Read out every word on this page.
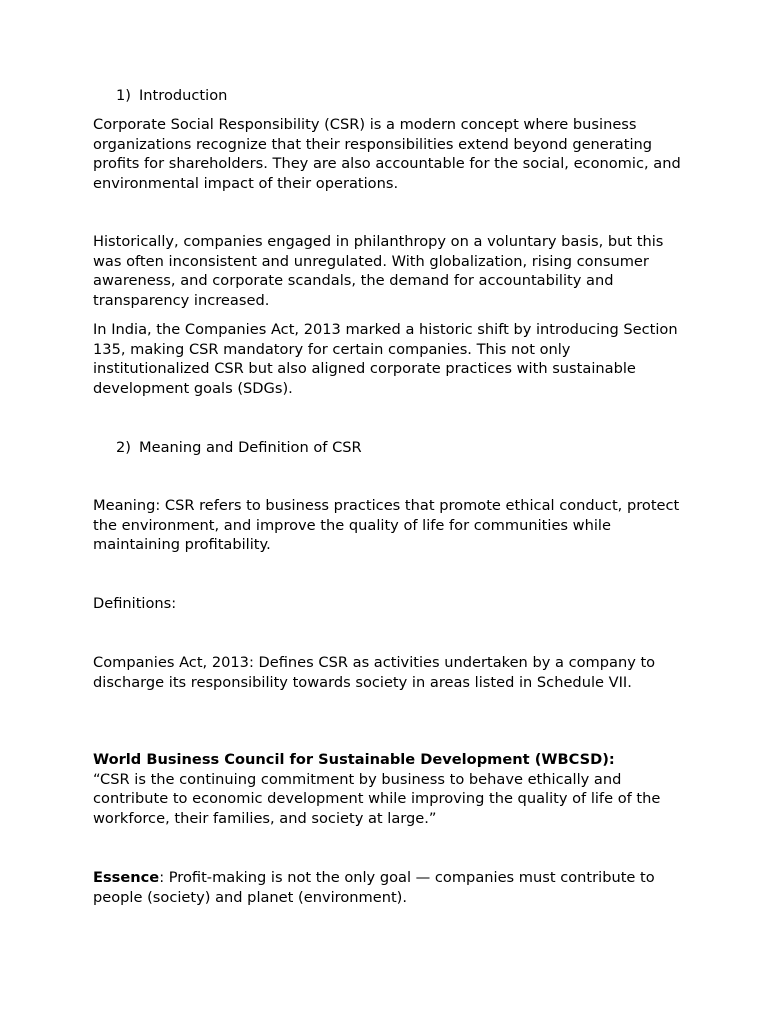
1) Introduction

Corporate Social Responsibility (CSR) is a modern concept where business organizations recognize that their responsibilities extend beyond generating profits for shareholders. They are also accountable for the social, economic, and environmental impact of their operations.

Historically, companies engaged in philanthropy on a voluntary basis, but this was often inconsistent and unregulated. With globalization, rising consumer awareness, and corporate scandals, the demand for accountability and transparency increased.

In India, the Companies Act, 2013 marked a historic shift by introducing Section 135, making CSR mandatory for certain companies. This not only institutionalized CSR but also aligned corporate practices with sustainable development goals (SDGs).

2) Meaning and Definition of CSR

Meaning: CSR refers to business practices that promote ethical conduct, protect the environment, and improve the quality of life for communities while maintaining profitability.

Definitions:

Companies Act, 2013: Defines CSR as activities undertaken by a company to discharge its responsibility towards society in areas listed in Schedule VII.

World Business Council for Sustainable Development (WBCSD):
“CSR is the continuing commitment by business to behave ethically and contribute to economic development while improving the quality of life of the workforce, their families, and society at large.”

Essence: Profit-making is not the only goal — companies must contribute to people (society) and planet (environment).
